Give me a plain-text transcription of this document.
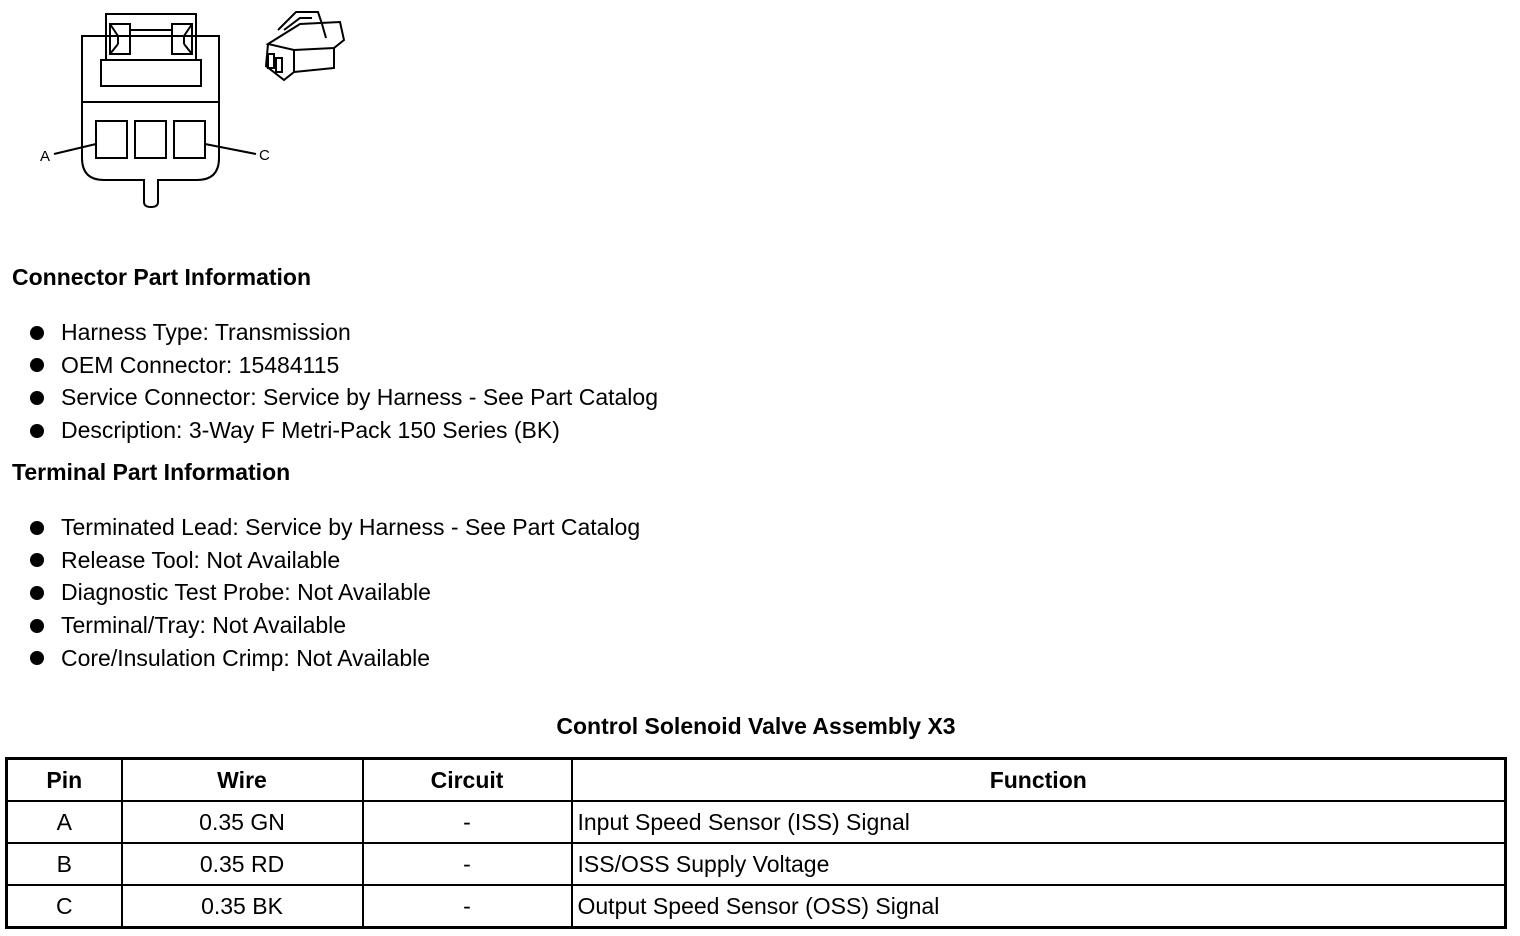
A	C
Connector Part Information
Harness Type: Transmission
OEM Connector: 15484115
Service Connector: Service by Harness - See Part Catalog
Description: 3-Way F Metri-Pack 150 Series (BK)
Terminal Part Information
Terminated Lead: Service by Harness - See Part Catalog
Release Tool: Not Available
Diagnostic Test Probe: Not Available
Terminal/Tray: Not Available
Core/Insulation Crimp: Not Available
Control Solenoid Valve Assembly X3
Pin	Wire	Circuit	Function
A	0.35 GN	-	Input Speed Sensor (ISS) Signal
B	0.35 RD	-	ISS/OSS Supply Voltage
C	0.35 BK	-	Output Speed Sensor (OSS) Signal
